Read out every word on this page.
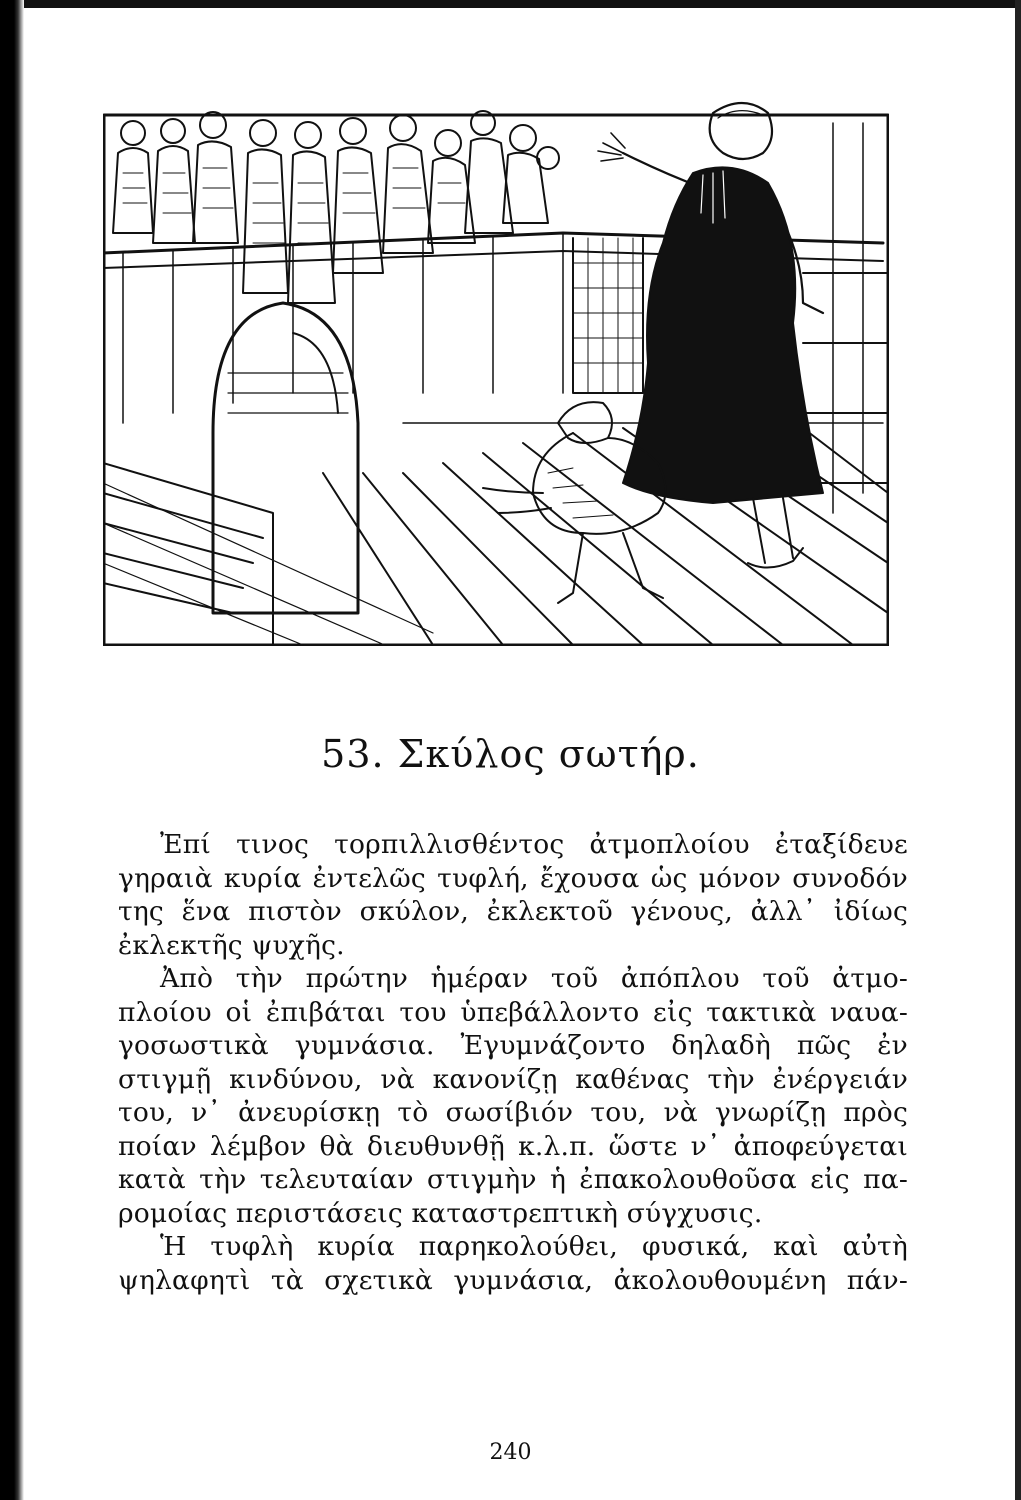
53. Σκύλος σωτήρ.
Ἐπί τινος τορπιλλισθέντος ἀτμοπλοίου ἐταξίδευε
γηραιὰ κυρία ἐντελῶς τυφλή, ἔχουσα ὡς μόνον συνοδόν
της ἕνα πιστὸν σκύλον, ἐκλεκτοῦ γένους, ἀλλ᾽ ἰδίως
ἐκλεκτῆς ψυχῆς.
Ἀπὸ τὴν πρώτην ἡμέραν τοῦ ἀπόπλου τοῦ ἀτμο-
πλοίου οἱ ἐπιβάται του ὑπεβάλλοντο εἰς τακτικὰ ναυα-
γοσωστικὰ γυμνάσια. Ἐγυμνάζοντο δηλαδὴ πῶς ἐν
στιγμῇ κινδύνου, νὰ κανονίζῃ καθένας τὴν ἐνέργειάν
του, ν᾽ ἀνευρίσκῃ τὸ σωσίβιόν του, νὰ γνωρίζῃ πρὸς
ποίαν λέμβον θὰ διευθυνθῇ κ.λ.π. ὥστε ν᾽ ἀποφεύγεται
κατὰ τὴν τελευταίαν στιγμὴν ἡ ἐπακολουθοῦσα εἰς πα-
ρομοίας περιστάσεις καταστρεπτικὴ σύγχυσις.
Ἡ τυφλὴ κυρία παρηκολούθει, φυσικά, καὶ αὐτὴ
ψηλαφητὶ τὰ σχετικὰ γυμνάσια, ἀκολουθουμένη πάν-
240
